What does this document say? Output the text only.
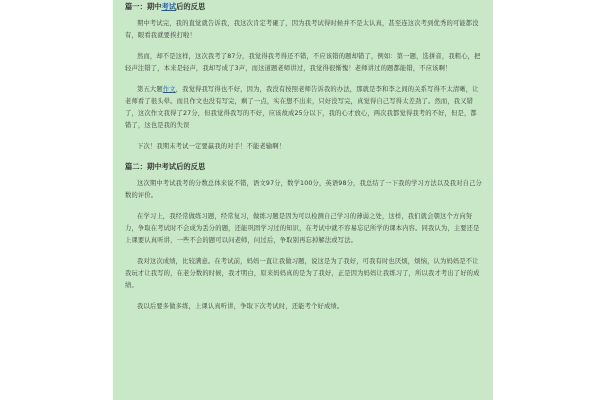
篇一：期中考试后的反思

期中考试完，我的直觉就告诉我，我这次肯定考砸了，因为我考试得时候并不是太认真，甚至连这次考到优秀的可能都没有，眼看我就要挨打啦！

然而，却不是这样，这次我考了87分，我觉得我考得还不错，不应该错的题却错了，例如：第一题，选拼音，我粗心，把轻声注错了，本来是轻声，我却写成了3声，而这道题老师讲过，我觉得很惭愧！老师讲过的题都能错，不应该啊！

第五大题作文，我觉得我写得也不好，因为，我没有按照老师告诉我的办法，那就是李和李之间的关系写得不太清晰，让老师看了很头晕。而且作文也没有写完，剩了一点，实在想不出来，只好没写完，真觉得自己写得太差劲了。然而，我又错了，这次作文我得了27分，但我觉得我写的不好，应该故成25分以下，我的心才放心，两次我都觉得我考的不好，但是，都错了，这也是我的失误

下次！我期末考试一定要赢我的对手！不能老输啊！

篇二：期中考试后的反思

这次期中考试我考的分数总体来说不错，语文97分，数学100分，英语98分，我总结了一下我的学习方法以及我对自己分数的评价。

在学习上，我经常做练习题，经常复习，做练习题是因为可以检测自己学习的薄弱之处，这样，我们就会朝这个方向努力，争取在考试时不会成为丢分的题，还能巩固学习过的知识，在考试中就不容易忘记所学的课本内容。同我认为，主要还是上课要认真听讲，一些不会的题可以问老师，问过后，争取别再忘掉解法或写法。

我对这次成绩，比较满意。在考试前，妈妈一直让我做习题，说这是为了我好，可我有时也厌烦，烦恼，认为妈妈是不让我玩才让我写的，在老分数的时候，我才明白，原来妈妈真的是为了我好，正是因为妈妈让我练习了，所以我才考出了好的成绩。

我以后要多做多练，上课认真听讲，争取下次考试时，还能考个好成绩。
